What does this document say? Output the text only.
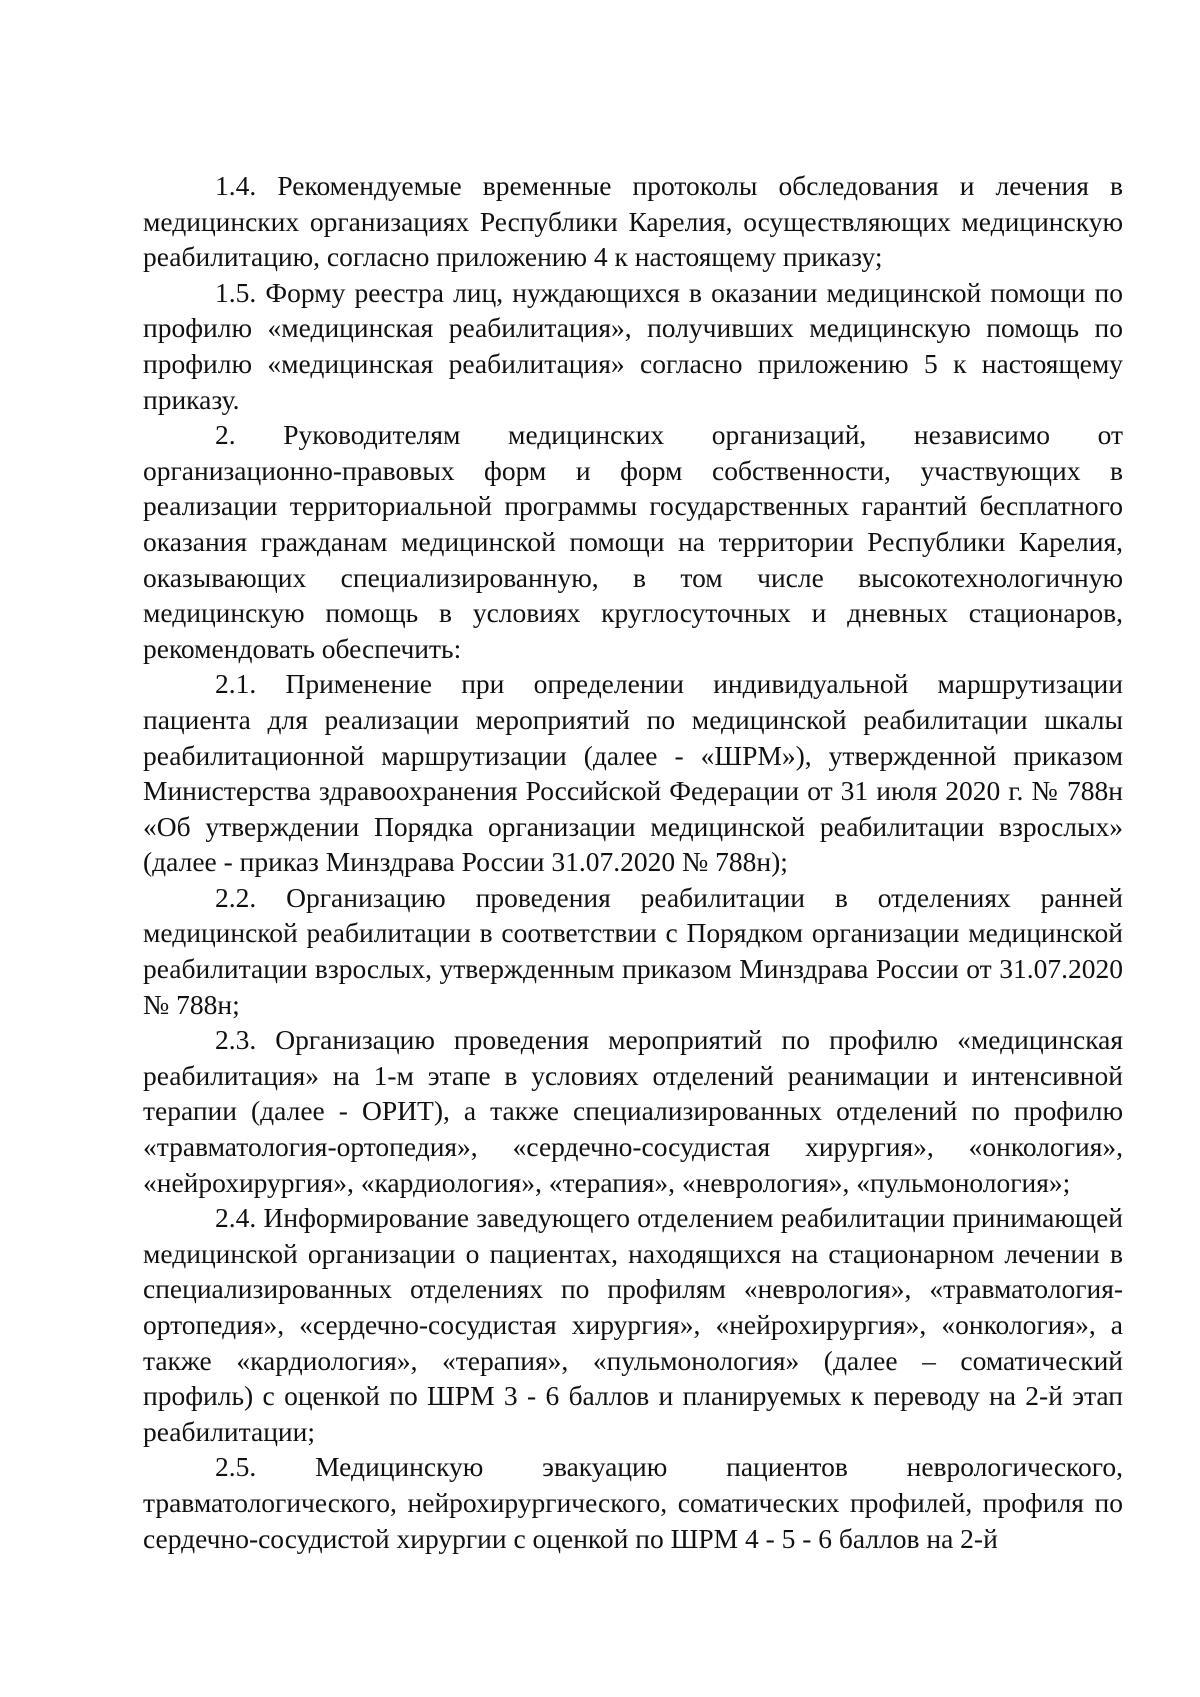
1.4. Рекомендуемые временные протоколы обследования и лечения в медицинских организациях Республики Карелия, осуществляющих медицинскую реабилитацию, согласно приложению 4 к настоящему приказу;

1.5. Форму реестра лиц, нуждающихся в оказании медицинской помощи по профилю «медицинская реабилитация», получивших медицинскую помощь по профилю «медицинская реабилитация» согласно приложению 5 к настоящему приказу.

2. Руководителям медицинских организаций, независимо от организационно-правовых форм и форм собственности, участвующих в реализации территориальной программы государственных гарантий бесплатного оказания гражданам медицинской помощи на территории Республики Карелия, оказывающих специализированную, в том числе высокотехнологичную медицинскую помощь в условиях круглосуточных и дневных стационаров, рекомендовать обеспечить:

2.1. Применение при определении индивидуальной маршрутизации пациента для реализации мероприятий по медицинской реабилитации шкалы реабилитационной маршрутизации (далее - «ШРМ»), утвержденной приказом Министерства здравоохранения Российской Федерации от 31 июля 2020 г. № 788н «Об утверждении Порядка организации медицинской реабилитации взрослых» (далее - приказ Минздрава России 31.07.2020 № 788н);

2.2. Организацию проведения реабилитации в отделениях ранней медицинской реабилитации в соответствии с Порядком организации медицинской реабилитации взрослых, утвержденным приказом Минздрава России от 31.07.2020 № 788н;

2.3. Организацию проведения мероприятий по профилю «медицинская реабилитация» на 1-м этапе в условиях отделений реанимации и интенсивной терапии (далее - ОРИТ), а также специализированных отделений по профилю «травматология-ортопедия», «сердечно-сосудистая хирургия», «онкология», «нейрохирургия», «кардиология», «терапия», «неврология», «пульмонология»;

2.4. Информирование заведующего отделением реабилитации принимающей медицинской организации о пациентах, находящихся на стационарном лечении в специализированных отделениях по профилям «неврология», «травматология-ортопедия», «сердечно-сосудистая хирургия», «нейрохирургия», «онкология», а также «кардиология», «терапия», «пульмонология» (далее – соматический профиль) с оценкой по ШРМ 3 - 6 баллов и планируемых к переводу на 2-й этап реабилитации;

2.5. Медицинскую эвакуацию пациентов неврологического, травматологического, нейрохирургического, соматических профилей, профиля по сердечно-сосудистой хирургии с оценкой по ШРМ 4 - 5 - 6 баллов на 2-й
